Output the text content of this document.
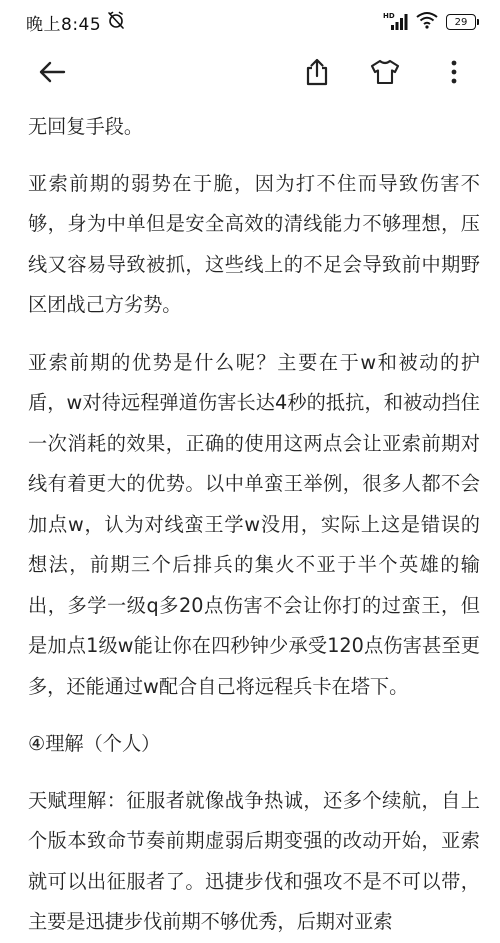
晚上8:45	HD
29

无回复手段。

亚索前期的弱势在于脆，因为打不住而导致伤害不够，身为中单但是安全高效的清线能力不够理想，压线又容易导致被抓，这些线上的不足会导致前中期野区团战己方劣势。

亚索前期的优势是什么呢？主要在于w和被动的护盾，w对待远程弹道伤害长达4秒的抵抗，和被动挡住一次消耗的效果，正确的使用这两点会让亚索前期对线有着更大的优势。以中单蛮王举例，很多人都不会加点w，认为对线蛮王学w没用，实际上这是错误的想法，前期三个后排兵的集火不亚于半个英雄的输出，多学一级q多20点伤害不会让你打的过蛮王，但是加点1级w能让你在四秒钟少承受120点伤害甚至更多，还能通过w配合自己将远程兵卡在塔下。

④理解（个人）

天赋理解：征服者就像战争热诚，还多个续航，自上个版本致命节奏前期虚弱后期变强的改动开始，亚索就可以出征服者了。迅捷步伐和强攻不是不可以带，主要是迅捷步伐前期不够优秀，后期对亚索
